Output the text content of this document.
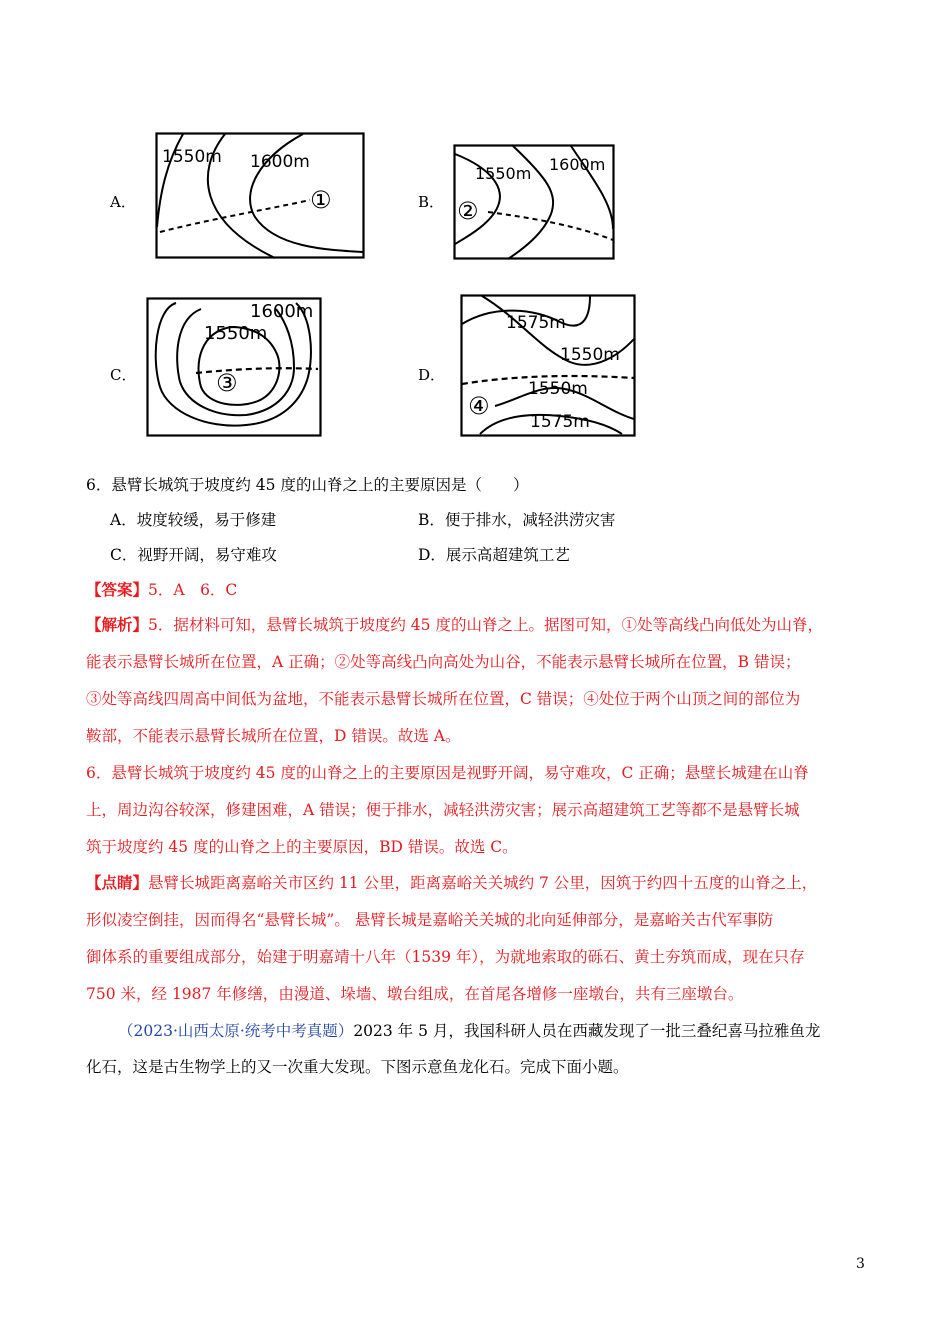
A．	B．
C．	D．
1550m 1600m
①
1550m 1600m
②
1600m
1550m
③
1575m
1550m
1550m
1575m
④
6．悬臂长城筑于坡度约 45 度的山脊之上的主要原因是（　　）
A．坡度较缓，易于修建	B．便于排水，减轻洪涝灾害
C．视野开阔，易守难攻	D．展示高超建筑工艺
【答案】5．A　6．C
【解析】5．据材料可知，悬臂长城筑于坡度约 45 度的山脊之上。据图可知，①处等高线凸向低处为山脊，
能表示悬臂长城所在位置，A 正确；②处等高线凸向高处为山谷，不能表示悬臂长城所在位置，B 错误；
③处等高线四周高中间低为盆地，不能表示悬臂长城所在位置，C 错误；④处位于两个山顶之间的部位为
鞍部，不能表示悬臂长城所在位置，D 错误。故选 A。
6．悬臂长城筑于坡度约 45 度的山脊之上的主要原因是视野开阔，易守难攻，C 正确；悬壁长城建在山脊
上，周边沟谷较深，修建困难，A 错误；便于排水，减轻洪涝灾害；展示高超建筑工艺等都不是悬臂长城
筑于坡度约 45 度的山脊之上的主要原因，BD 错误。故选 C。
【点睛】悬臂长城距离嘉峪关市区约 11 公里，距离嘉峪关关城约 7 公里，因筑于约四十五度的山脊之上，
形似凌空倒挂，因而得名“悬臂长城”。 悬臂长城是嘉峪关关城的北向延伸部分，是嘉峪关古代军事防
御体系的重要组成部分，始建于明嘉靖十八年（1539 年），为就地索取的砾石、黄土夯筑而成，现在只存
750 米，经 1987 年修缮，由漫道、垛墙、墩台组成，在首尾各增修一座墩台，共有三座墩台。
（2023·山西太原·统考中考真题）2023 年 5 月，我国科研人员在西藏发现了一批三叠纪喜马拉雅鱼龙
化石，这是古生物学上的又一次重大发现。下图示意鱼龙化石。完成下面小题。
3
